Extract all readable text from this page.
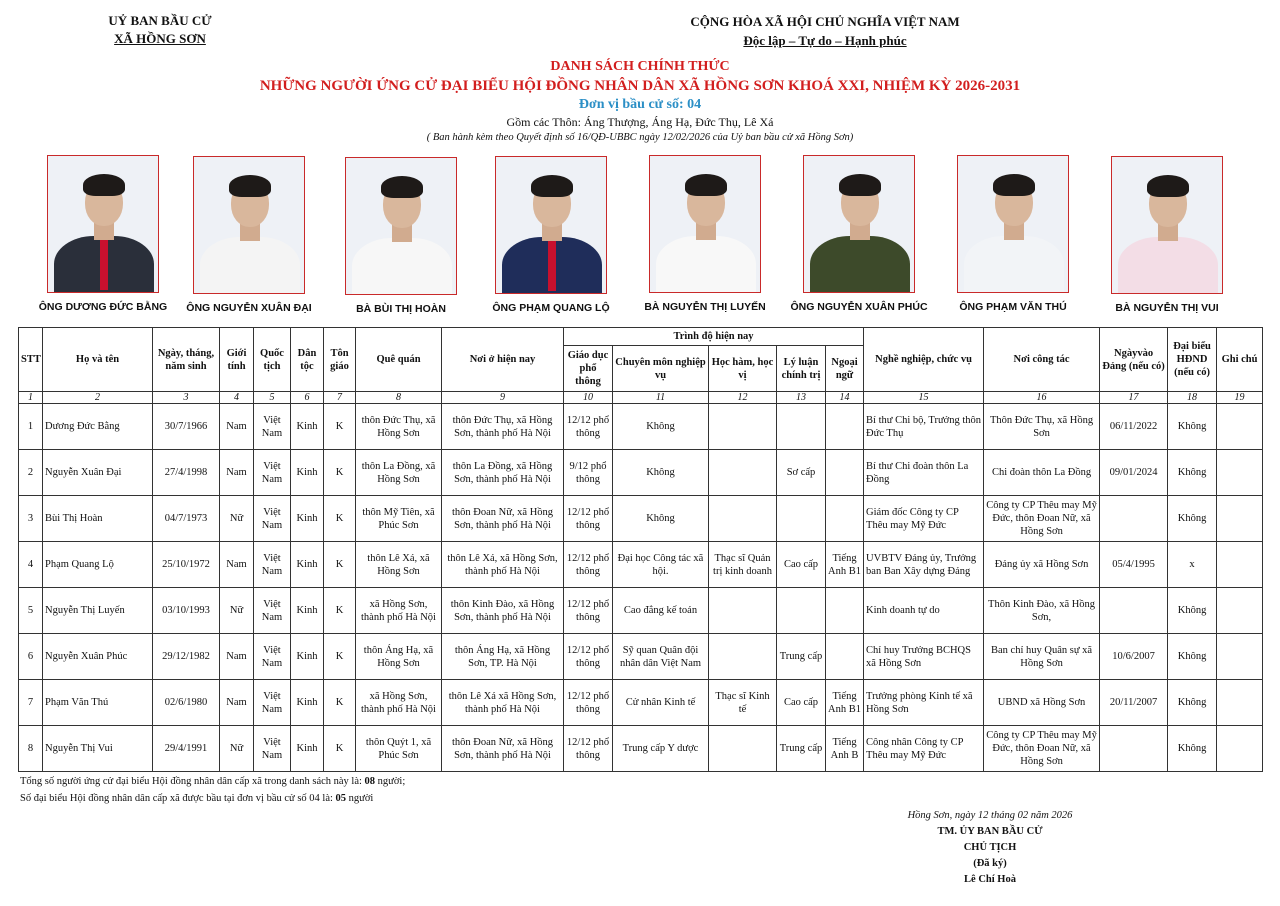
UỶ BAN BẦU CỬ
XÃ HỒNG SƠN
CỘNG HÒA XÃ HỘI CHỦ NGHĨA VIỆT NAM
Độc lập – Tự do – Hạnh phúc
DANH SÁCH CHÍNH THỨC
NHỮNG NGƯỜI ỨNG CỬ ĐẠI BIỂU HỘI ĐỒNG NHÂN DÂN XÃ HỒNG SƠN KHOÁ XXI, NHIỆM KỲ 2026-2031
Đơn vị bầu cử số: 04
Gồm các Thôn: Áng Thượng, Áng Hạ, Đức Thụ, Lê Xá
( Ban hành kèm theo Quyết định số 16/QĐ-UBBC ngày 12/02/2026 của Uỷ ban bầu cử xã Hồng Sơn)
ÔNG DƯƠNG ĐỨC BẰNG	ÔNG NGUYỄN XUÂN ĐẠI	BÀ BÙI THỊ HOÀN	ÔNG PHẠM QUANG LỘ	BÀ NGUYỄN THỊ LUYẾN	ÔNG NGUYỄN XUÂN PHÚC	ÔNG PHẠM VĂN THÚ	BÀ NGUYỄN THỊ VUI
STT	Họ và tên	Ngày, tháng, năm sinh	Giới tính	Quốc tịch	Dân tộc	Tôn giáo	Quê quán	Nơi ở hiện nay	Trình độ hiện nay					Nghề nghiệp, chức vụ	Nơi công tác	Ngàyvào Đảng (nếu có)	Đại biểu HĐND (nếu có)	Ghi chú
									Giáo dục phổ thông	Chuyên môn nghiệp vụ	Học hàm, học vị	Lý luận chính trị	Ngoại ngữ					
1	2	3	4	5	6	7	8	9	10	11	12	13	14	15	16	17	18	19
1	Dương Đức Bằng	30/7/1966	Nam	Việt Nam	Kinh	K	thôn Đức Thụ, xã Hồng Sơn	thôn Đức Thụ, xã Hồng Sơn, thành phố Hà Nội	12/12 phổ thông	Không				Bí thư Chi bộ, Trưởng thôn Đức Thụ	Thôn Đức Thụ, xã Hồng Sơn	06/11/2022	Không	
2	Nguyễn Xuân Đại	27/4/1998	Nam	Việt Nam	Kinh	K	thôn La Đồng, xã Hồng Sơn	thôn La Đồng, xã Hồng Sơn, thành phố Hà Nội	9/12 phổ thông	Không		Sơ cấp		Bí thư Chi đoàn thôn La Đồng	Chi đoàn thôn La Đồng	09/01/2024	Không	
3	Bùi Thị Hoàn	04/7/1973	Nữ	Việt Nam	Kinh	K	thôn Mỹ Tiên, xã Phúc Sơn	thôn Đoan Nữ, xã Hồng Sơn, thành phố Hà Nội	12/12 phổ thông	Không				Giám đốc Công ty CP Thêu may Mỹ Đức	Công ty CP Thêu may Mỹ Đức, thôn Đoan Nữ, xã Hồng Sơn		Không	
4	Phạm Quang Lộ	25/10/1972	Nam	Việt Nam	Kinh	K	thôn Lê Xá, xã Hồng Sơn	thôn Lê Xá, xã Hồng Sơn, thành phố Hà Nội	12/12 phổ thông	Đại học Công tác xã hội.	Thạc sĩ Quản trị kinh doanh	Cao cấp	Tiếng Anh B1	UVBTV Đảng ủy, Trưởng ban Ban Xây dựng Đảng	Đảng ủy xã Hồng Sơn	05/4/1995	x	
5	Nguyễn Thị Luyến	03/10/1993	Nữ	Việt Nam	Kinh	K	xã Hồng Sơn, thành phố Hà Nội	thôn Kinh Đào, xã Hồng Sơn, thành phố Hà Nội	12/12 phổ thông	Cao đẳng kế toán				Kinh doanh tự do	Thôn Kinh Đào, xã Hồng Sơn,		Không	
6	Nguyễn Xuân Phúc	29/12/1982	Nam	Việt Nam	Kinh	K	thôn Áng Hạ, xã Hồng Sơn	thôn Áng Hạ, xã Hồng Sơn, TP. Hà Nội	12/12 phổ thông	Sỹ quan Quân đội nhân dân Việt Nam		Trung cấp		Chỉ huy Trưởng BCHQS xã Hồng Sơn	Ban chỉ huy Quân sự xã Hồng Sơn	10/6/2007	Không	
7	Phạm Văn Thú	02/6/1980	Nam	Việt Nam	Kinh	K	xã Hồng Sơn, thành phố Hà Nội	thôn Lê Xá xã Hồng Sơn, thành phố Hà Nội	12/12 phổ thông	Cử nhân Kinh tế	Thạc sĩ Kinh tế	Cao cấp	Tiếng Anh B1	Trưởng phòng Kinh tế xã Hồng Sơn	UBND xã Hồng Sơn	20/11/2007	Không	
8	Nguyễn Thị Vui	29/4/1991	Nữ	Việt Nam	Kinh	K	thôn Quýt 1, xã Phúc Sơn	thôn Đoan Nữ, xã Hồng Sơn, thành phố Hà Nội	12/12 phổ thông	Trung cấp Y dược		Trung cấp	Tiếng Anh B	Công nhân Công ty CP Thêu may Mỹ Đức	Công ty CP Thêu may Mỹ Đức, thôn Đoan Nữ, xã Hồng Sơn		Không	
Tổng số người ứng cử đại biểu Hội đồng nhân dân cấp xã trong danh sách này là: 08 người;
Số đại biểu Hội đồng nhân dân cấp xã được bầu tại đơn vị bầu cử số 04 là: 05 người
Hồng Sơn, ngày 12 tháng 02 năm 2026
TM. ỦY BAN BẦU CỬ
CHỦ TỊCH
(Đã ký)
Lê Chí Hoà
